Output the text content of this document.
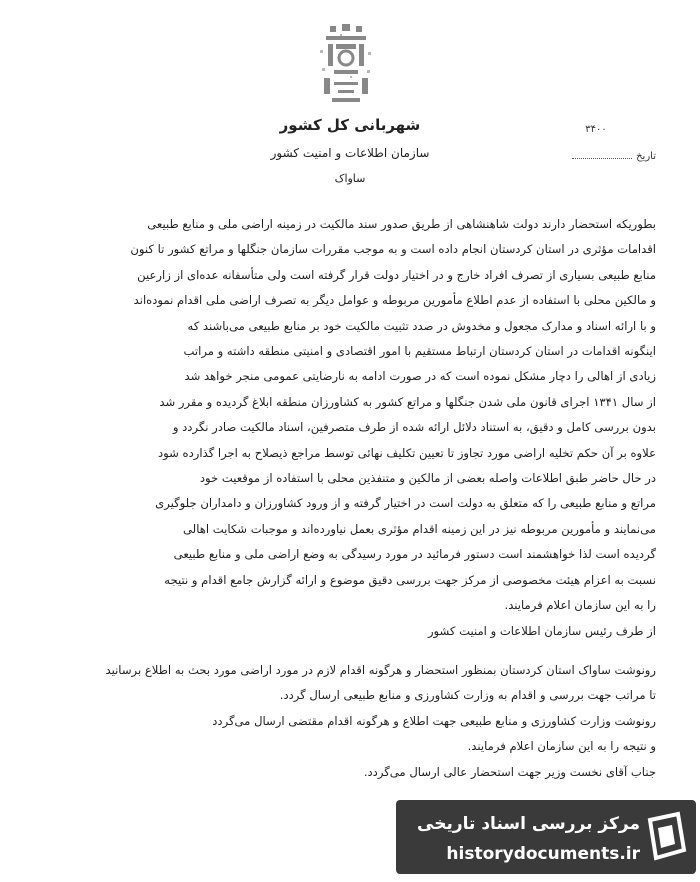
شهربانی کل کشور
سازمان اطلاعات و امنیت کشور
ساواک
۳۴۰۰
تاریخ

بطوریکه استحضار دارند دولت شاهنشاهی از طریق صدور سند مالکیت در زمینه اراضی ملی و منابع طبیعی

اقدامات مؤثری در استان کردستان انجام داده است و به موجب مقررات سازمان جنگلها و مراتع کشور تا کنون

منابع طبیعی بسیاری از تصرف افراد خارج و در اختیار دولت قرار گرفته است ولی متأسفانه عده‌ای از زارعین

و مالکین محلی با استفاده از عدم اطلاع مأمورین مربوطه و عوامل دیگر به تصرف اراضی ملی اقدام نموده‌اند

و با ارائه اسناد و مدارک مجعول و مخدوش در صدد تثبیت مالکیت خود بر منابع طبیعی می‌باشند که

اینگونه اقدامات در استان کردستان ارتباط مستقیم با امور اقتصادی و امنیتی منطقه داشته و مراتب

زیادی از اهالی را دچار مشکل نموده است که در صورت ادامه به نارضایتی عمومی منجر خواهد شد

از سال ۱۳۴۱ اجرای قانون ملی شدن جنگلها و مراتع کشور به کشاورزان منطقه ابلاغ گردیده و مقرر شد

بدون بررسی کامل و دقیق، به استناد دلائل ارائه شده از طرف متصرفین، اسناد مالکیت صادر نگردد و

علاوه بر آن حکم تخلیه اراضی مورد تجاوز تا تعیین تکلیف نهائی توسط مراجع ذیصلاح به اجرا گذارده شود

در حال حاضر طبق اطلاعات واصله بعضی از مالکین و متنفذین محلی با استفاده از موقعیت خود

مراتع و منابع طبیعی را که متعلق به دولت است در اختیار گرفته و از ورود کشاورزان و دامداران جلوگیری

می‌نمایند و مأمورین مربوطه نیز در این زمینه اقدام مؤثری بعمل نیاورده‌اند و موجبات شکایت اهالی

گردیده است لذا خواهشمند است دستور فرمائید در مورد رسیدگی به وضع اراضی ملی و منابع طبیعی

نسبت به اعزام هیئت مخصوصی از مرکز جهت بررسی دقیق موضوع و ارائه گزارش جامع اقدام و نتیجه

را به این سازمان اعلام فرمایند.

از طرف رئیس سازمان اطلاعات و امنیت کشور

رونوشت ساواک استان کردستان بمنظور استحضار و هرگونه اقدام لازم در مورد اراضی مورد بحث به اطلاع برسانید

تا مراتب جهت بررسی و اقدام به وزارت کشاورزی و منابع طبیعی ارسال گردد.

رونوشت وزارت کشاورزی و منابع طبیعی جهت اطلاع و هرگونه اقدام مقتضی ارسال می‌گردد

و نتیجه را به این سازمان اعلام فرمایند.

جناب آقای نخست وزیر جهت استحضار عالی ارسال می‌گردد.

مرکز بررسی اسناد تاریخی
historydocuments.ir
